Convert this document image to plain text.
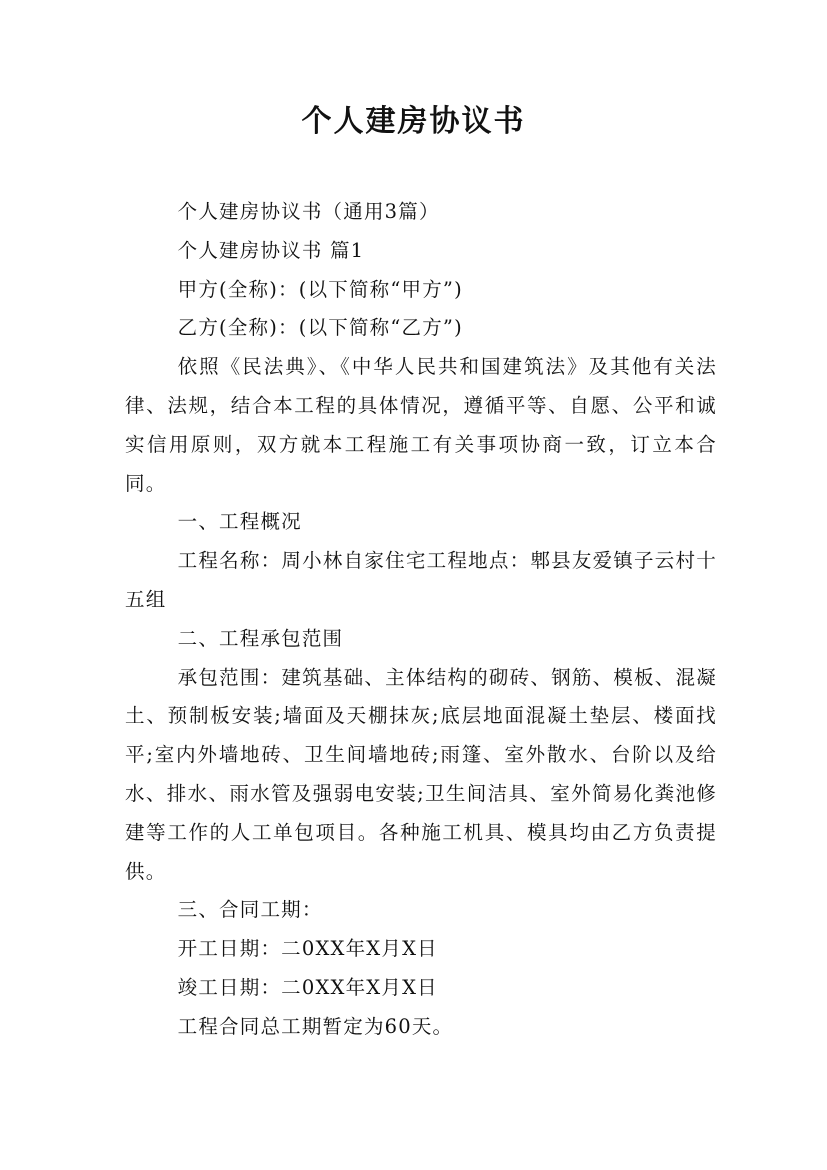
个人建房协议书

个人建房协议书（通用3篇）

个人建房协议书 篇1

甲方(全称)：(以下简称“甲方”)

乙方(全称)：(以下简称“乙方”)

依照《民法典》、《中华人民共和国建筑法》及其他有关法律、法规，结合本工程的具体情况，遵循平等、自愿、公平和诚实信用原则，双方就本工程施工有关事项协商一致，订立本合同。

一、工程概况

工程名称：周小林自家住宅工程地点：郫县友爱镇子云村十五组

二、工程承包范围

承包范围：建筑基础、主体结构的砌砖、钢筋、模板、混凝土、预制板安装;墙面及天棚抹灰;底层地面混凝土垫层、楼面找平;室内外墙地砖、卫生间墙地砖;雨篷、室外散水、台阶以及给水、排水、雨水管及强弱电安装;卫生间洁具、室外简易化粪池修建等工作的人工单包项目。各种施工机具、模具均由乙方负责提供。

三、合同工期：

开工日期：二0XX年X月X日

竣工日期：二0XX年X月X日

工程合同总工期暂定为60天。
